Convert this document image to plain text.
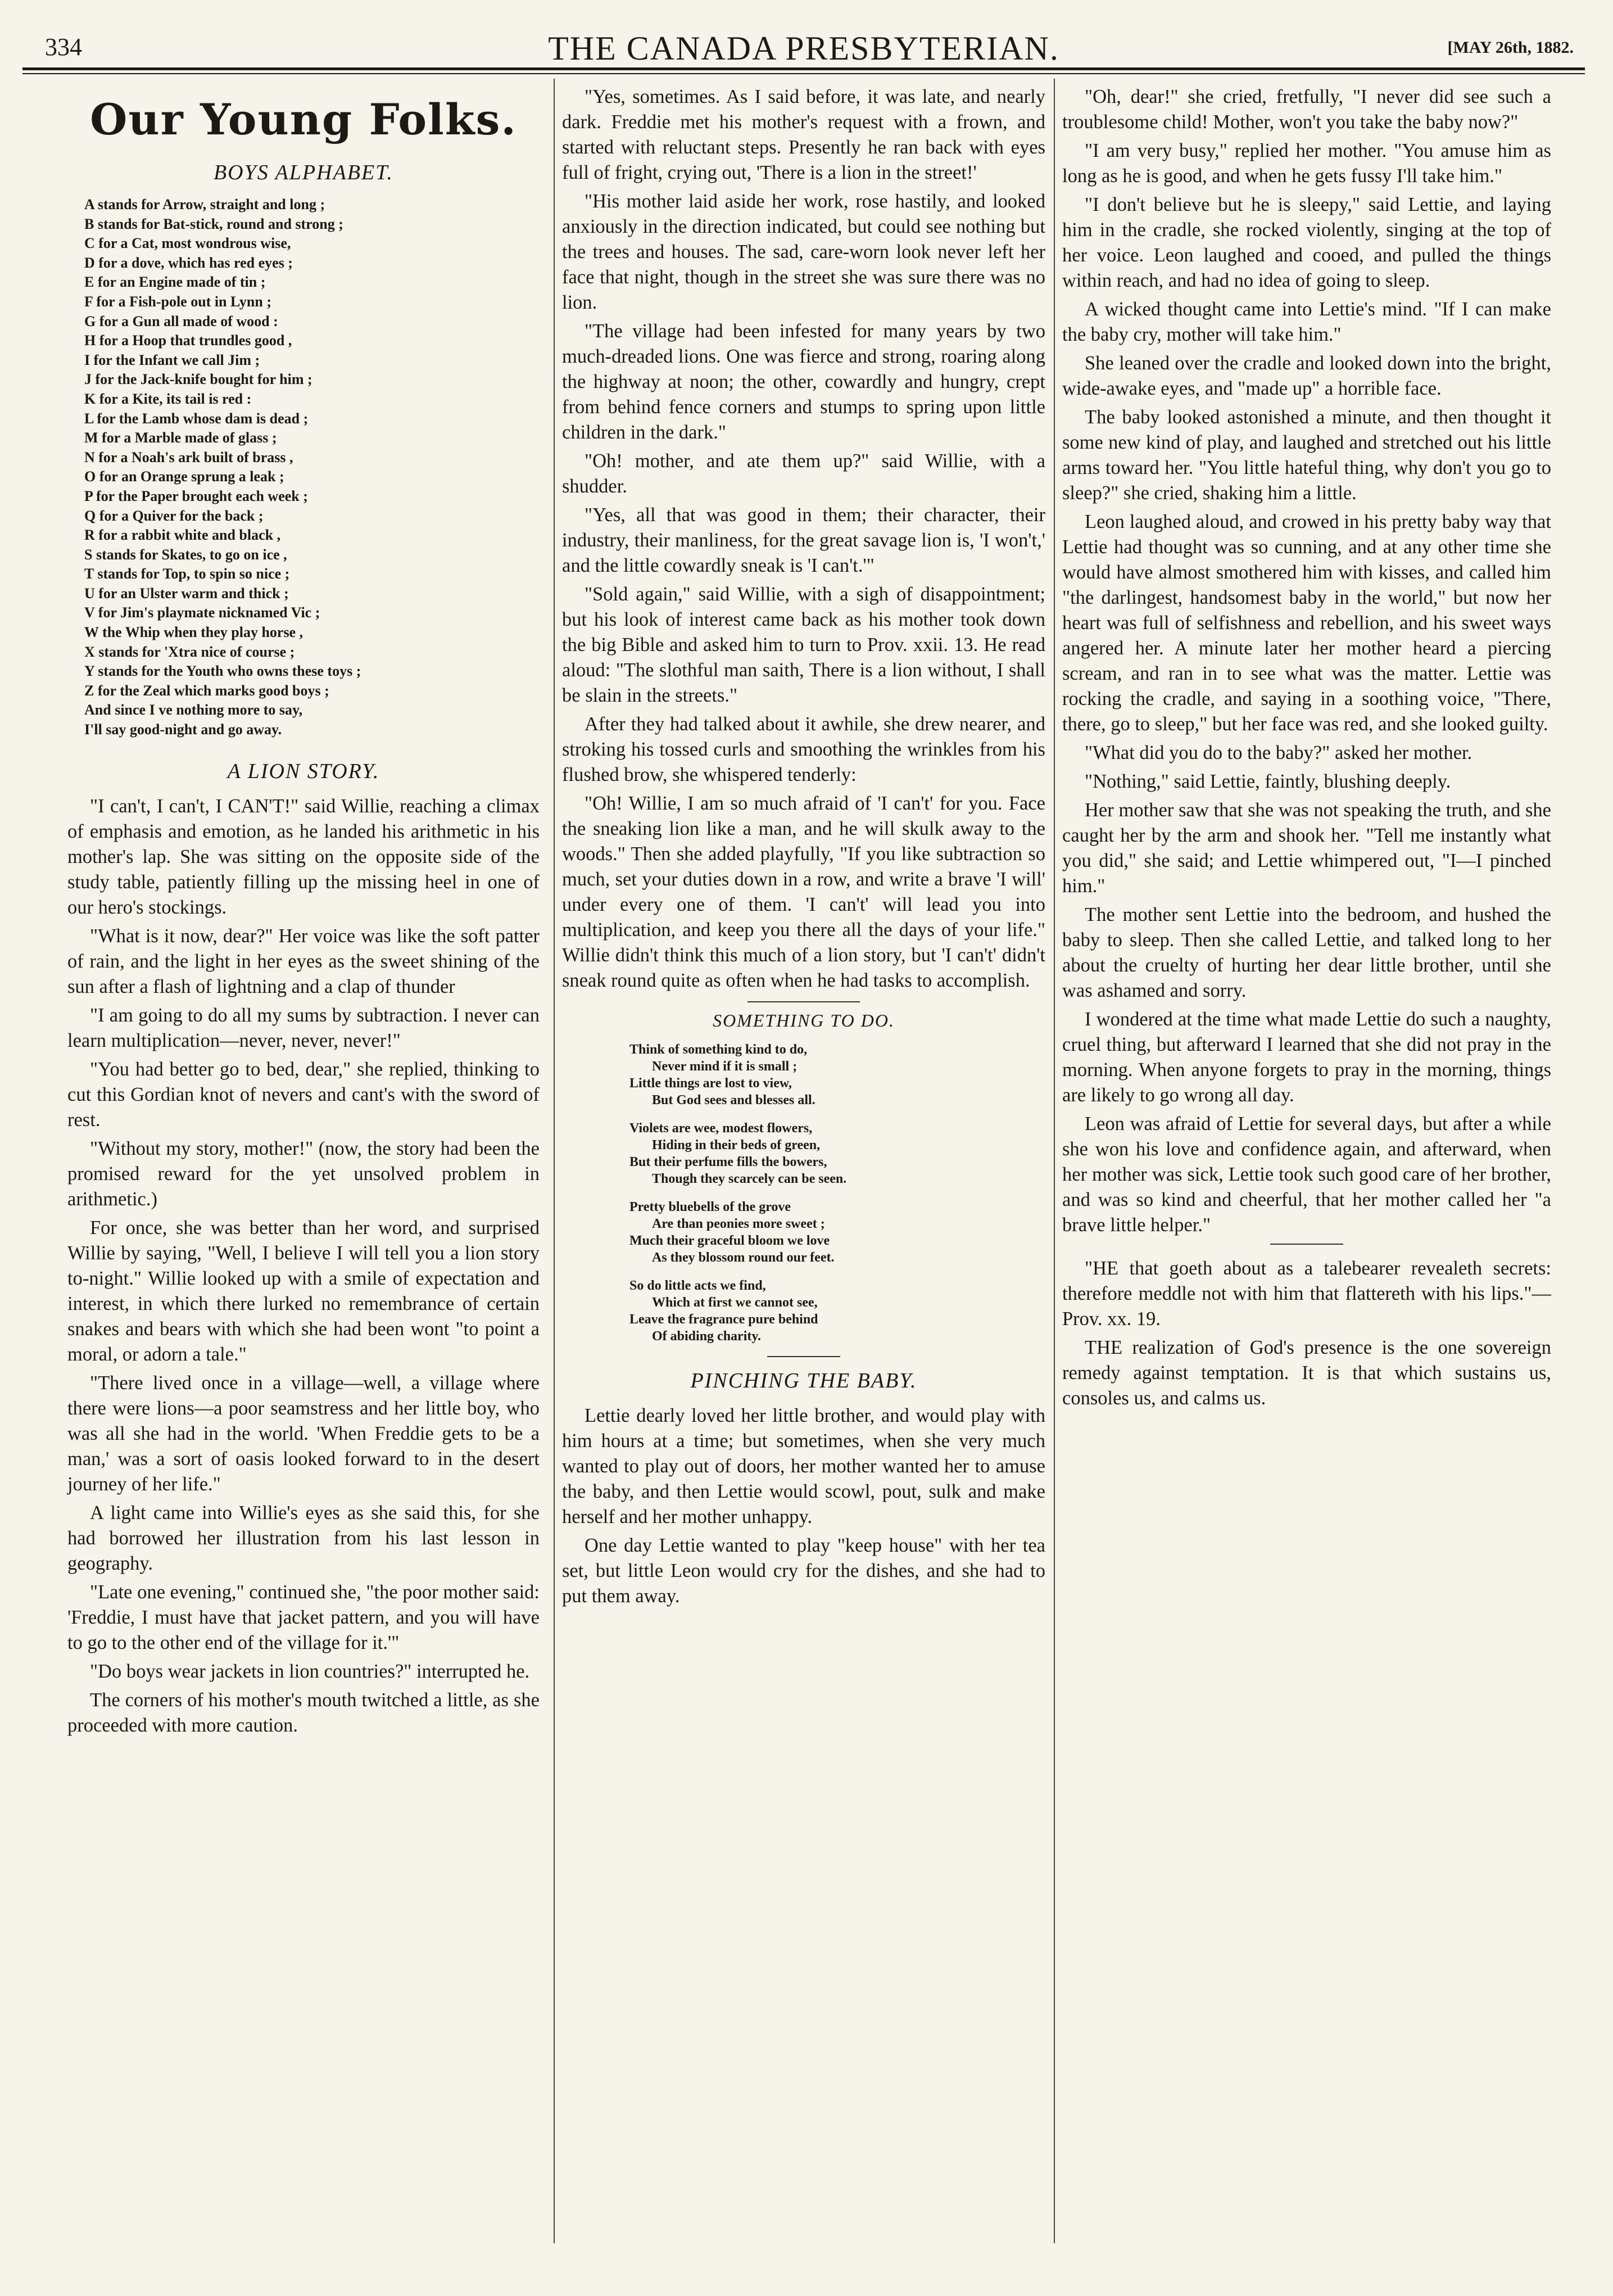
334	THE CANADA PRESBYTERIAN.	[MAY 26th, 1882.
Our Young Folks.
BOYS ALPHABET.
A stands for Arrow, straight and long ;
B stands for Bat-stick, round and strong ;
C for a Cat, most wondrous wise,
D for a dove, which has red eyes ;
E for an Engine made of tin ;
F for a Fish-pole out in Lynn ;
G for a Gun all made of wood :
H for a Hoop that trundles good ,
I for the Infant we call Jim ;
J for the Jack-knife bought for him ;
K for a Kite, its tail is red :
L for the Lamb whose dam is dead ;
M for a Marble made of glass ;
N for a Noah's ark built of brass ,
O for an Orange sprung a leak ;
P for the Paper brought each week ;
Q for a Quiver for the back ;
R for a rabbit white and black ,
S stands for Skates, to go on ice ,
T stands for Top, to spin so nice ;
U for an Ulster warm and thick ;
V for Jim's playmate nicknamed Vic ;
W the Whip when they play horse ,
X stands for 'Xtra nice of course ;
Y stands for the Youth who owns these toys ;
Z for the Zeal which marks good boys ;
And since I ve nothing more to say,
I'll say good-night and go away.
A LION STORY.

"I can't, I can't, I CAN'T!" said Willie, reaching a climax of emphasis and emotion, as he landed his arithmetic in his mother's lap. She was sitting on the opposite side of the study table, patiently filling up the missing heel in one of our hero's stockings.

"What is it now, dear?" Her voice was like the soft patter of rain, and the light in her eyes as the sweet shining of the sun after a flash of lightning and a clap of thunder

"I am going to do all my sums by subtraction. I never can learn multiplication—never, never, never!"

"You had better go to bed, dear," she replied, thinking to cut this Gordian knot of nevers and cant's with the sword of rest.

"Without my story, mother!" (now, the story had been the promised reward for the yet unsolved problem in arithmetic.)

For once, she was better than her word, and surprised Willie by saying, "Well, I believe I will tell you a lion story to-night." Willie looked up with a smile of expectation and interest, in which there lurked no remembrance of certain snakes and bears with which she had been wont "to point a moral, or adorn a tale."

"There lived once in a village—well, a village where there were lions—a poor seamstress and her little boy, who was all she had in the world. 'When Freddie gets to be a man,' was a sort of oasis looked forward to in the desert journey of her life."

A light came into Willie's eyes as she said this, for she had borrowed her illustration from his last lesson in geography.

"Late one evening," continued she, "the poor mother said: 'Freddie, I must have that jacket pattern, and you will have to go to the other end of the village for it.'"

"Do boys wear jackets in lion countries?" interrupted he.

The corners of his mother's mouth twitched a little, as she proceeded with more caution.

"Yes, sometimes. As I said before, it was late, and nearly dark. Freddie met his mother's request with a frown, and started with reluctant steps. Presently he ran back with eyes full of fright, crying out, 'There is a lion in the street!'

"His mother laid aside her work, rose hastily, and looked anxiously in the direction indicated, but could see nothing but the trees and houses. The sad, care-worn look never left her face that night, though in the street she was sure there was no lion.

"The village had been infested for many years by two much-dreaded lions. One was fierce and strong, roaring along the highway at noon; the other, cowardly and hungry, crept from behind fence corners and stumps to spring upon little children in the dark."

"Oh! mother, and ate them up?" said Willie, with a shudder.

"Yes, all that was good in them; their character, their industry, their manliness, for the great savage lion is, 'I won't,' and the little cowardly sneak is 'I can't.'"

"Sold again," said Willie, with a sigh of disappointment; but his look of interest came back as his mother took down the big Bible and asked him to turn to Prov. xxii. 13. He read aloud: "The slothful man saith, There is a lion without, I shall be slain in the streets."

After they had talked about it awhile, she drew nearer, and stroking his tossed curls and smoothing the wrinkles from his flushed brow, she whispered tenderly:

"Oh! Willie, I am so much afraid of 'I can't' for you. Face the sneaking lion like a man, and he will skulk away to the woods." Then she added playfully, "If you like subtraction so much, set your duties down in a row, and write a brave 'I will' under every one of them. 'I can't' will lead you into multiplication, and keep you there all the days of your life." Willie didn't think this much of a lion story, but 'I can't' didn't sneak round quite as often when he had tasks to accomplish.

SOMETHING TO DO.
Think of something kind to do,
Never mind if it is small ;
Little things are lost to view,
But God sees and blesses all.
Violets are wee, modest flowers,
Hiding in their beds of green,
But their perfume fills the bowers,
Though they scarcely can be seen.
Pretty bluebells of the grove
Are than peonies more sweet ;
Much their graceful bloom we love
As they blossom round our feet.
So do little acts we find,
Which at first we cannot see,
Leave the fragrance pure behind
Of abiding charity.
PINCHING THE BABY.

Lettie dearly loved her little brother, and would play with him hours at a time; but sometimes, when she very much wanted to play out of doors, her mother wanted her to amuse the baby, and then Lettie would scowl, pout, sulk and make herself and her mother unhappy.

One day Lettie wanted to play "keep house" with her tea set, but little Leon would cry for the dishes, and she had to put them away.

"Oh, dear!" she cried, fretfully, "I never did see such a troublesome child! Mother, won't you take the baby now?"

"I am very busy," replied her mother. "You amuse him as long as he is good, and when he gets fussy I'll take him."

"I don't believe but he is sleepy," said Lettie, and laying him in the cradle, she rocked violently, singing at the top of her voice. Leon laughed and cooed, and pulled the things within reach, and had no idea of going to sleep.

A wicked thought came into Lettie's mind. "If I can make the baby cry, mother will take him."

She leaned over the cradle and looked down into the bright, wide-awake eyes, and "made up" a horrible face.

The baby looked astonished a minute, and then thought it some new kind of play, and laughed and stretched out his little arms toward her. "You little hateful thing, why don't you go to sleep?" she cried, shaking him a little.

Leon laughed aloud, and crowed in his pretty baby way that Lettie had thought was so cunning, and at any other time she would have almost smothered him with kisses, and called him "the darlingest, handsomest baby in the world," but now her heart was full of selfishness and rebellion, and his sweet ways angered her. A minute later her mother heard a piercing scream, and ran in to see what was the matter. Lettie was rocking the cradle, and saying in a soothing voice, "There, there, go to sleep," but her face was red, and she looked guilty.

"What did you do to the baby?" asked her mother.

"Nothing," said Lettie, faintly, blushing deeply.

Her mother saw that she was not speaking the truth, and she caught her by the arm and shook her. "Tell me instantly what you did," she said; and Lettie whimpered out, "I—I pinched him."

The mother sent Lettie into the bedroom, and hushed the baby to sleep. Then she called Lettie, and talked long to her about the cruelty of hurting her dear little brother, until she was ashamed and sorry.

I wondered at the time what made Lettie do such a naughty, cruel thing, but afterward I learned that she did not pray in the morning. When anyone forgets to pray in the morning, things are likely to go wrong all day.

Leon was afraid of Lettie for several days, but after a while she won his love and confidence again, and afterward, when her mother was sick, Lettie took such good care of her brother, and was so kind and cheerful, that her mother called her "a brave little helper."

"HE that goeth about as a talebearer revealeth secrets: therefore meddle not with him that flattereth with his lips."—Prov. xx. 19.

THE realization of God's presence is the one sovereign remedy against temptation. It is that which sustains us, consoles us, and calms us.
